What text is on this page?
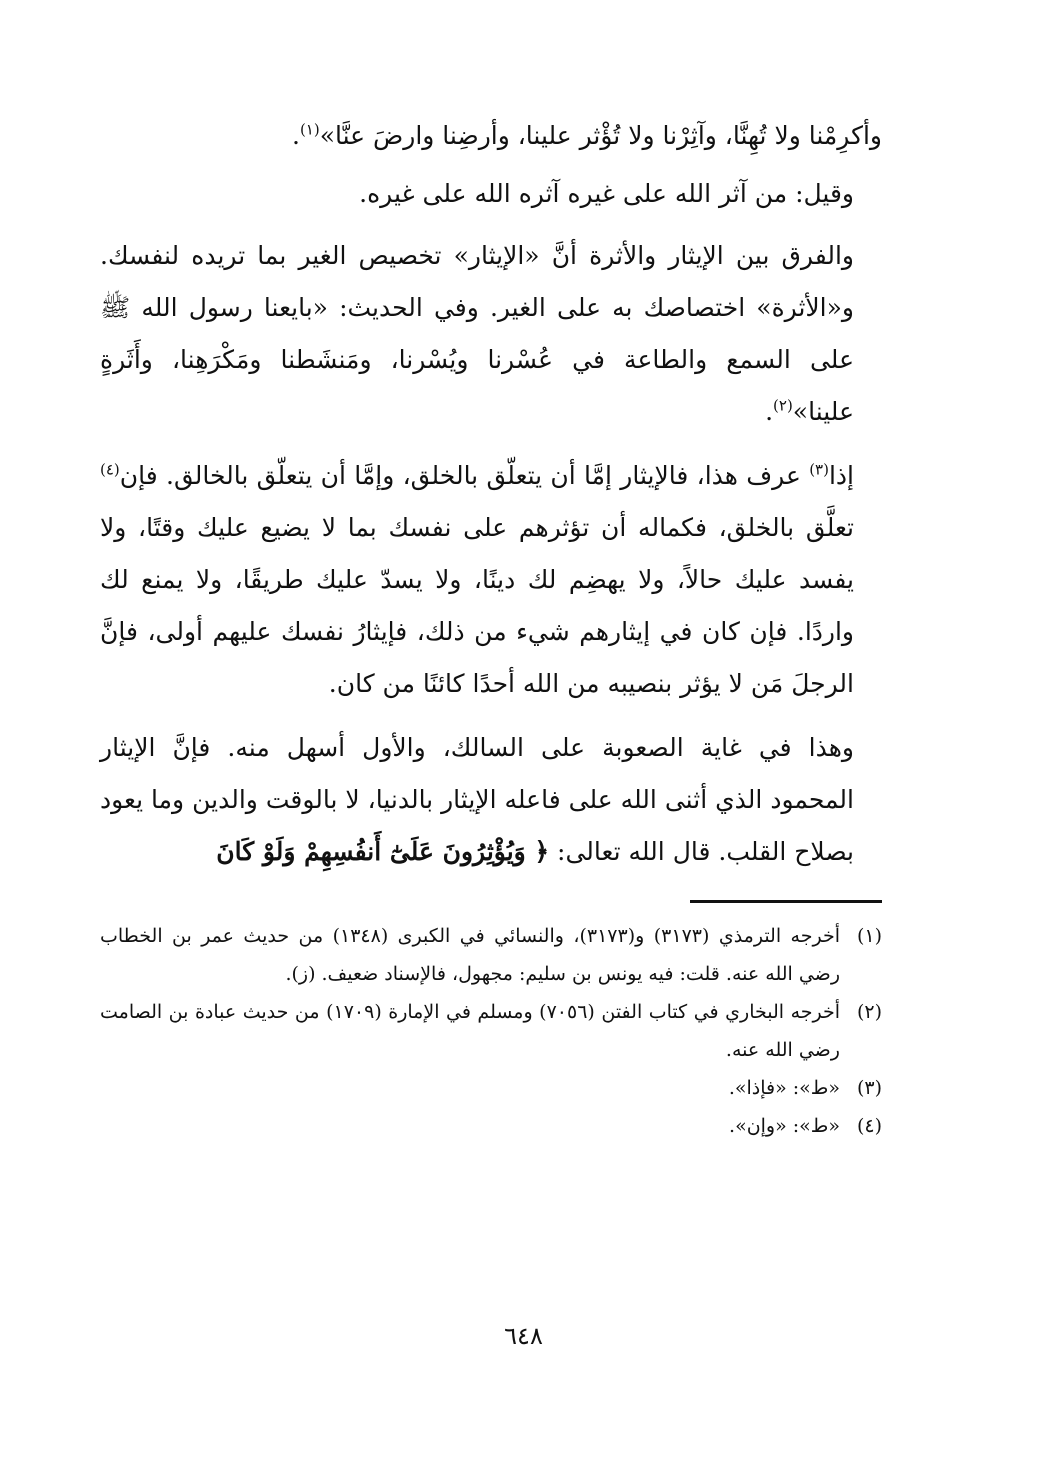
وأكرِمْنا ولا تُهِنَّا، وآثِرْنا ولا تُؤْثر علينا، وأرضِنا وارضَ عنَّا»$^{(١)}$.

وقيل: من آثر الله على غيره آثره الله على غيره.

والفرق بين الإيثار والأثرة أنَّ «الإيثار» تخصيص الغير بما تريده لنفسك. و«الأثرة» اختصاصك به على الغير. وفي الحديث: «بايعنا رسول الله ﷺ على السمع والطاعة في عُسْرنا ويُسْرنا، ومَنشَطنا ومَكْرَهِنا، وأَثَرةٍ علينا»$^{(٢)}$.

إذا$^{(٣)}$ عرف هذا، فالإيثار إمَّا أن يتعلّق بالخلق، وإمَّا أن يتعلّق بالخالق. فإن$^{(٤)}$ تعلَّق بالخلق، فكماله أن تؤثرهم على نفسك بما لا يضيع عليك وقتًا، ولا يفسد عليك حالاً، ولا يهضِم لك دينًا، ولا يسدّ عليك طريقًا، ولا يمنع لك واردًا. فإن كان في إيثارهم شيء من ذلك، فإيثارُ نفسك عليهم أولى، فإنَّ الرجلَ مَن لا يؤثر بنصيبه من الله أحدًا كائنًا من كان.

وهذا في غاية الصعوبة على السالك، والأول أسهل منه. فإنَّ الإيثار المحمود الذي أثنى الله على فاعله الإيثار بالدنيا، لا بالوقت والدين وما يعود بصلاح القلب. قال الله تعالى: ﴿ وَيُؤْثِرُونَ عَلَىٰٓ أَنفُسِهِمْ وَلَوْ كَانَ

(١)
أخرجه الترمذي (٣١٧٣) و(٣١٧٣)، والنسائي في الكبرى (١٣٤٨) من حديث عمر بن الخطاب رضي الله عنه. قلت: فيه يونس بن سليم: مجهول، فالإسناد ضعيف. (ز).
(٢)
أخرجه البخاري في كتاب الفتن (٧٠٥٦) ومسلم في الإمارة (١٧٠٩) من حديث عبادة بن الصامت رضي الله عنه.
(٣)
«ط»: «فإذا».
(٤)
«ط»: «وإن».
٦٤٨
